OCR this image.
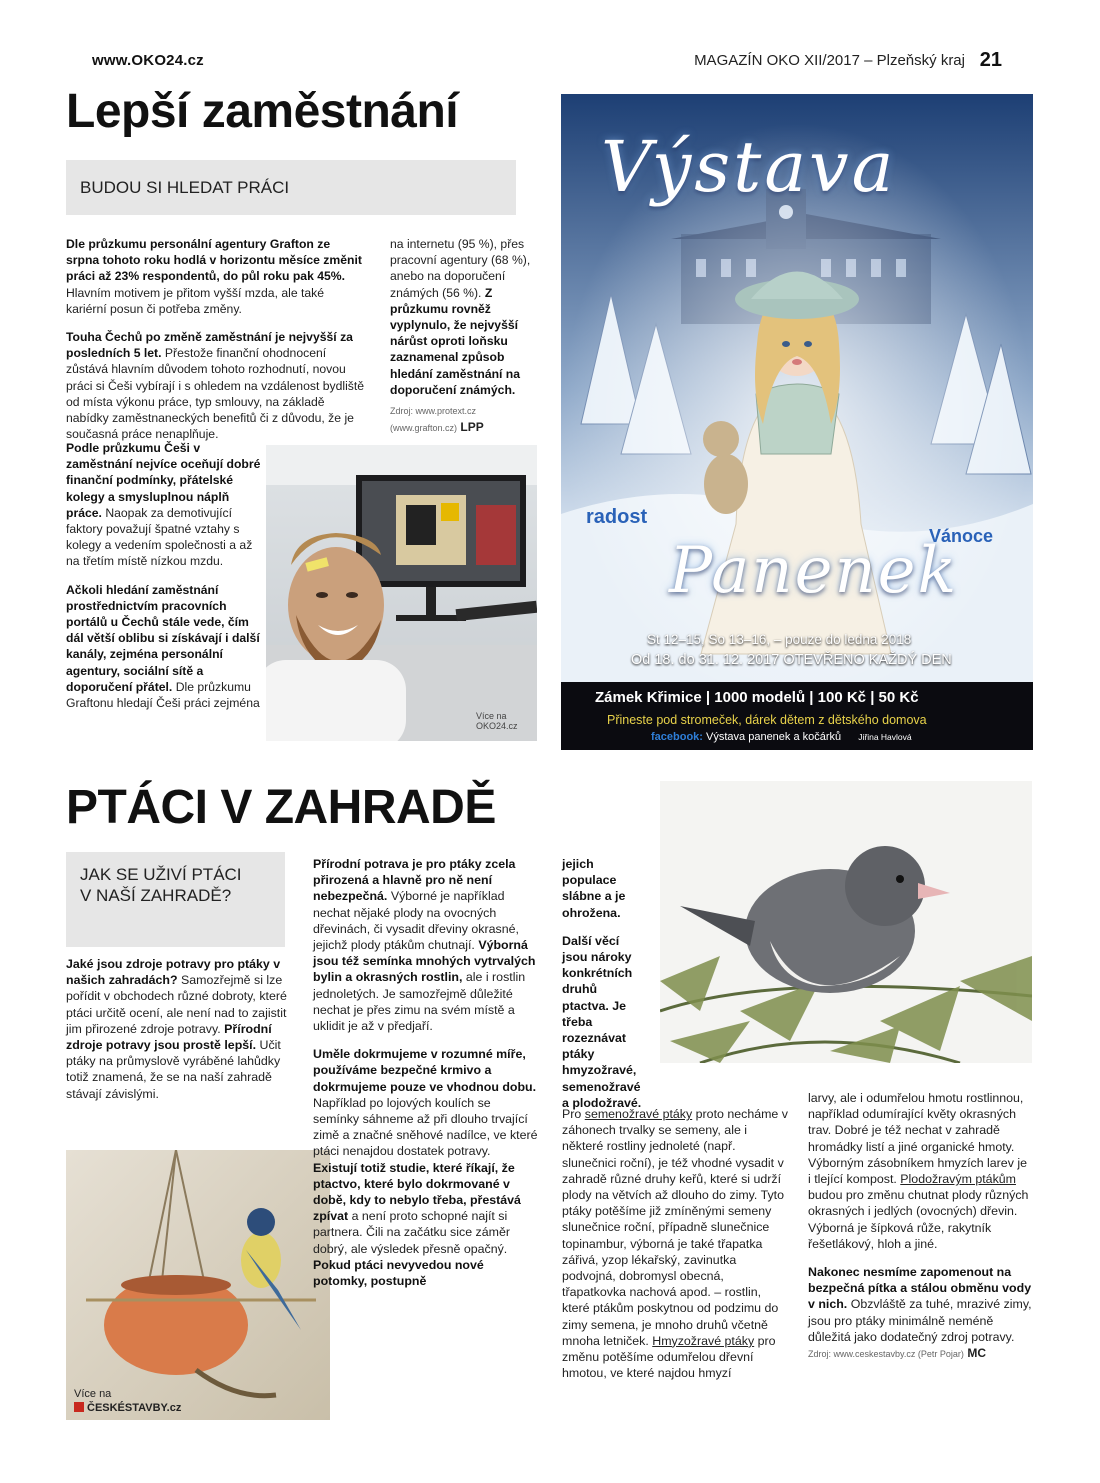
www.OKO24.cz	MAGAZÍN OKO XII/2017 – Plzeňský kraj 21
Lepší zaměstnání
BUDOU SI HLEDAT PRÁCI

Dle průzkumu personální agentury Grafton ze srpna tohoto roku hodlá v horizontu měsíce změnit práci až 23% respondentů, do půl roku pak 45%. Hlavním motivem je přitom vyšší mzda, ale také kariérní posun či potřeba změny.

Touha Čechů po změně zaměstnání je nejvyšší za posledních 5 let. Přestože finanční ohodnocení zůstává hlavním důvodem tohoto rozhodnutí, novou práci si Češi vybírají i s ohledem na vzdálenost bydliště od místa výkonu práce, typ smlouvy, na základě nabídky zaměstnaneckých benefitů či z důvodu, že je současná práce nenaplňuje.

Podle průzkumu Češi v zaměstnání nejvíce oceňují dobré finanční podmínky, přátelské kolegy a smysluplnou náplň práce. Naopak za demotivující faktory považují špatné vztahy s kolegy a vedením společnosti a až na třetím místě nízkou mzdu.

Ačkoli hledání zaměstnání prostřednictvím pracovních portálů u Čechů stále vede, čím dál větší oblibu si získávají i další kanály, zejména personální agentury, sociální sítě a doporučení přátel. Dle průzkumu Graftonu hledají Češi práci zejména

na internetu (95 %), přes pracovní agentury (68 %), anebo na doporučení známých (56 %). Z průzkumu rovněž vyplynulo, že nejvyšší nárůst oproti loňsku zaznamenal způsob hledání zaměstnání na doporučení známých.

Zdroj: www.protext.cz (www.grafton.cz) LPP
Více na OKO24.cz
Výstava
radost
Vánoce
Panenek
St 12–15, So 13–16, – pouze do ledna 2018
Od 18. do 31. 12. 2017 OTEVŘENO KAŽDÝ DEN
Zámek Křimice | 1000 modelů | 100 Kč | 50 Kč
Přineste pod stromeček, dárek dětem z dětského domova
facebook: Výstava panenek a kočárků Jiřina Havlová
PTÁCI V ZAHRADĚ
JAK SE UŽIVÍ PTÁCI V NAŠÍ ZAHRADĚ?

Jaké jsou zdroje potravy pro ptáky v našich zahradách? Samozřejmě si lze pořídit v obchodech různé dobroty, které ptáci určitě ocení, ale není nad to zajistit jim přirozené zdroje potravy. Přírodní zdroje potravy jsou prostě lepší. Učit ptáky na průmyslově vyráběné lahůdky totiž znamená, že se na naší zahradě stávají závislými.

Více na
ČESKÉSTAVBY.cz

Přírodní potrava je pro ptáky zcela přirozená a hlavně pro ně není nebezpečná. Výborné je například nechat nějaké plody na ovocných dřevinách, či vysadit dřeviny okrasné, jejichž plody ptákům chutnají. Výborná jsou též semínka mnohých vytrvalých bylin a okrasných rostlin, ale i rostlin jednoletých. Je samozřejmě důležité nechat je přes zimu na svém místě a uklidit je až v předjaří.

Uměle dokrmujeme v rozumné míře, používáme bezpečné krmivo a dokrmujeme pouze ve vhodnou dobu. Například po lojových koulích se semínky sáhneme až při dlouho trvající zimě a značné sněhové nadílce, ve které ptáci nenajdou dostatek potravy. Existují totiž studie, které říkají, že ptactvo, které bylo dokrmované v době, kdy to nebylo třeba, přestává zpívat a není proto schopné najít si partnera. Čili na začátku sice záměr dobrý, ale výsledek přesně opačný. Pokud ptáci nevyvedou nové potomky, postupně

jejich populace slábne a je ohrožena.

Další věcí jsou nároky konkrétních druhů ptactva. Je třeba rozeznávat ptáky hmyzožravé, semenožravé a plodožravé.

Pro semenožravé ptáky proto necháme v záhonech trvalky se semeny, ale i některé rostliny jednoleté (např. slunečnici roční), je též vhodné vysadit v zahradě různé druhy keřů, které si udrží plody na větvích až dlouho do zimy. Tyto ptáky potěšíme již zmíněnými semeny slunečnice roční, případně slunečnice topinambur, výborná je také třapatka zářivá, yzop lékařský, zavinutka podvojná, dobromysl obecná, třapatkovka nachová apod. – rostlin, které ptákům poskytnou od podzimu do zimy semena, je mnoho druhů včetně mnoha letniček. Hmyzožravé ptáky pro změnu potěšíme odumřelou dřevní hmotou, ve které najdou hmyzí

larvy, ale i odumřelou hmotu rostlinnou, například odumírající květy okrasných trav. Dobré je též nechat v zahradě hromádky listí a jiné organické hmoty. Výborným zásobníkem hmyzích larev je i tlející kompost. Plodožravým ptákům budou pro změnu chutnat plody různých okrasných i jedlých (ovocných) dřevin. Výborná je šípková růže, rakytník řešetlákový, hloh a jiné.

Nakonec nesmíme zapomenout na bezpečná pítka a stálou obměnu vody v nich. Obzvláště za tuhé, mrazivé zimy, jsou pro ptáky minimálně neméně důležitá jako dodatečný zdroj potravy. Zdroj: www.ceskestavby.cz (Petr Pojar) MC
